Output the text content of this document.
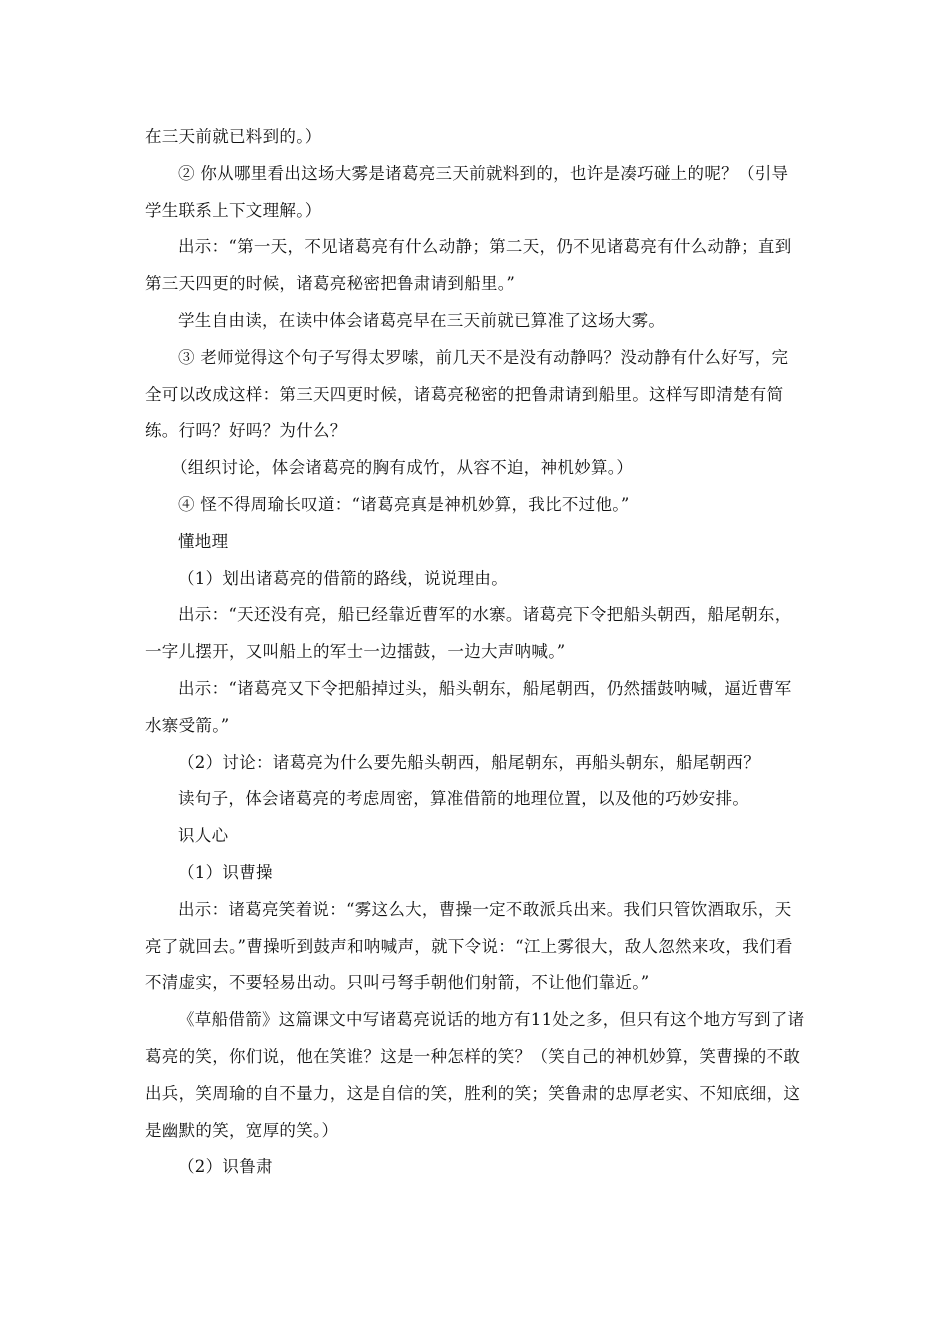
在三天前就已料到的。）

② 你从哪里看出这场大雾是诸葛亮三天前就料到的，也许是凑巧碰上的呢？（引导学生联系上下文理解。）

出示：“第一天，不见诸葛亮有什么动静；第二天，仍不见诸葛亮有什么动静；直到第三天四更的时候，诸葛亮秘密把鲁肃请到船里。”

学生自由读，在读中体会诸葛亮早在三天前就已算准了这场大雾。

③ 老师觉得这个句子写得太罗嗦，前几天不是没有动静吗？没动静有什么好写，完全可以改成这样：第三天四更时候，诸葛亮秘密的把鲁肃请到船里。这样写即清楚有简练。行吗？好吗？为什么？

（组织讨论，体会诸葛亮的胸有成竹，从容不迫，神机妙算。）

④ 怪不得周瑜长叹道：“诸葛亮真是神机妙算，我比不过他。”

懂地理

（1）划出诸葛亮的借箭的路线，说说理由。

出示：“天还没有亮，船已经靠近曹军的水寨。诸葛亮下令把船头朝西，船尾朝东，一字儿摆开，又叫船上的军士一边擂鼓，一边大声呐喊。”

出示：“诸葛亮又下令把船掉过头，船头朝东，船尾朝西，仍然擂鼓呐喊，逼近曹军水寨受箭。”

（2）讨论：诸葛亮为什么要先船头朝西，船尾朝东，再船头朝东，船尾朝西？

读句子，体会诸葛亮的考虑周密，算准借箭的地理位置，以及他的巧妙安排。

识人心

（1）识曹操

出示：诸葛亮笑着说：“雾这么大，曹操一定不敢派兵出来。我们只管饮酒取乐，天亮了就回去。”曹操听到鼓声和呐喊声，就下令说：“江上雾很大，敌人忽然来攻，我们看不清虚实，不要轻易出动。只叫弓弩手朝他们射箭，不让他们靠近。”

《草船借箭》这篇课文中写诸葛亮说话的地方有11处之多，但只有这个地方写到了诸葛亮的笑，你们说，他在笑谁？这是一种怎样的笑？（笑自己的神机妙算，笑曹操的不敢出兵，笑周瑜的自不量力，这是自信的笑，胜利的笑；笑鲁肃的忠厚老实、不知底细，这是幽默的笑，宽厚的笑。）

（2）识鲁肃
